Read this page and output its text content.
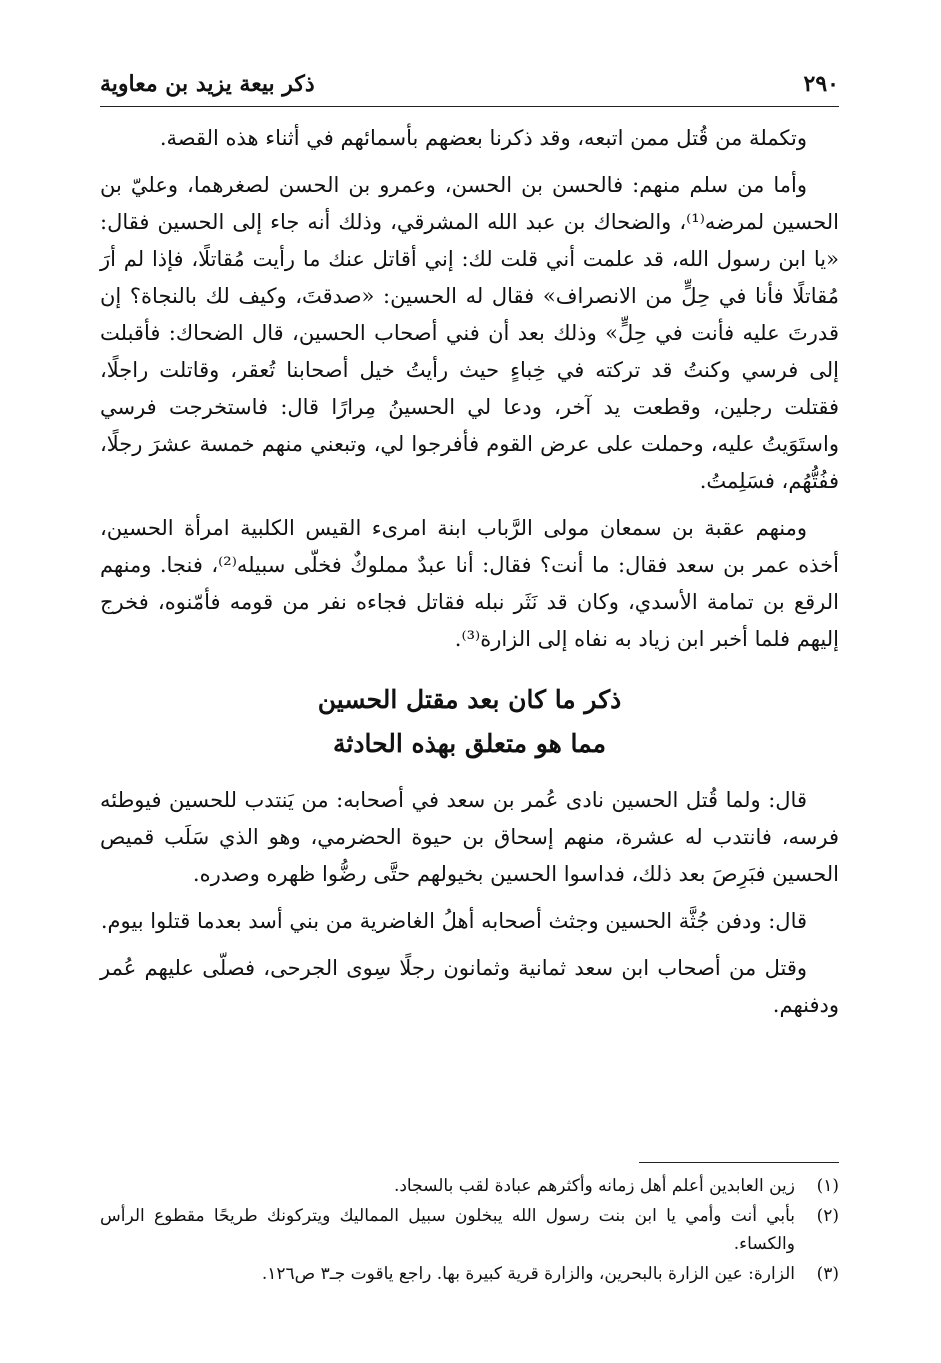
٢٩٠
ذكر بيعة يزيد بن معاوية

وتكملة من قُتل ممن اتبعه، وقد ذكرنا بعضهم بأسمائهم في أثناء هذه القصة.

وأما من سلم منهم: فالحسن بن الحسن، وعمرو بن الحسن لصغرهما، وعليّ بن الحسين لمرضه⁽¹⁾، والضحاك بن عبد الله المشرقي، وذلك أنه جاء إلى الحسين فقال: «يا ابن رسول الله، قد علمت أني قلت لك: إني أقاتل عنك ما رأيت مُقاتلًا، فإذا لم أرَ مُقاتلًا فأنا في حِلٍّ من الانصراف» فقال له الحسين: «صدقتَ، وكيف لك بالنجاة؟ إن قدرتَ عليه فأنت في حِلٍّ» وذلك بعد أن فني أصحاب الحسين، قال الضحاك: فأقبلت إلى فرسي وكنتُ قد تركته في خِباءٍ حيث رأيتُ خيل أصحابنا تُعقر، وقاتلت راجلًا، فقتلت رجلين، وقطعت يد آخر، ودعا لي الحسينُ مِرارًا قال: فاستخرجت فرسي واستَوَيتُ عليه، وحملت على عرض القوم فأفرجوا لي، وتبعني منهم خمسة عشرَ رجلًا، ففُتُّهُم، فسَلِمتُ.

ومنهم عقبة بن سمعان مولى الرَّباب ابنة امرىء القيس الكلبية امرأة الحسين، أخذه عمر بن سعد فقال: ما أنت؟ فقال: أنا عبدٌ مملوكٌ فخلّى سبيله⁽²⁾، فنجا. ومنهم الرقع بن تمامة الأسدي، وكان قد نَثَر نبله فقاتل فجاءه نفر من قومه فأمّنوه، فخرج إليهم فلما أخبر ابن زياد به نفاه إلى الزارة⁽³⁾.

ذكر ما كان بعد مقتل الحسين
مما هو متعلق بهذه الحادثة

قال: ولما قُتل الحسين نادى عُمر بن سعد في أصحابه: من يَنتدب للحسين فيوطئه فرسه، فانتدب له عشرة، منهم إسحاق بن حيوة الحضرمي، وهو الذي سَلَب قميص الحسين فبَرِصَ بعد ذلك، فداسوا الحسين بخيولهم حتَّى رضُّوا ظهره وصدره.

قال: ودفن جُثَّة الحسين وجثث أصحابه أهلُ الغاضرية من بني أسد بعدما قتلوا بيوم.

وقتل من أصحاب ابن سعد ثمانية وثمانون رجلًا سِوى الجرحى، فصلّى عليهم عُمر ودفنهم.

(١)
زين العابدين أعلم أهل زمانه وأكثرهم عبادة لقب بالسجاد.
(٢)
بأبي أنت وأمي يا ابن بنت رسول الله يبخلون سبيل المماليك ويتركونك طريحًا مقطوع الرأس والكساء.
(٣)
الزارة: عين الزارة بالبحرين، والزارة قرية كبيرة بها. راجع ياقوت جـ٣ ص١٢٦.
